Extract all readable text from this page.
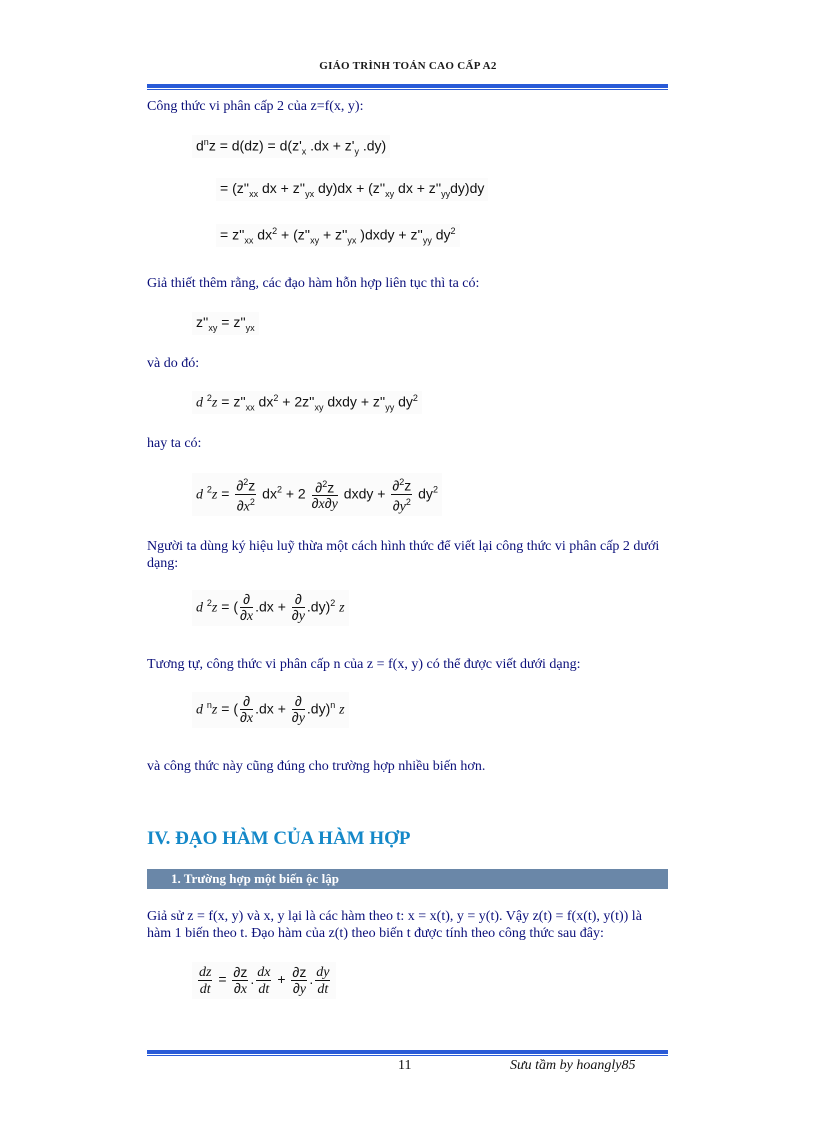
GIÁO TRÌNH TOÁN CAO CẤP A2
Công thức vi phân cấp 2 của z=f(x, y):
$d^nz = d(dz) = d(z'_x$ $.dx + z'_y$ .dy)
= ($z''_{xx}$ dx + $z''_{yx}$ $dy)dx + (z''_{xy}$ dx + $z''_{yy}dy)dy$
= $z''_{xx}$ $dx^2 + (z''_{xy} + z''_{yx}$ )dxdy + $z''_{yy}$ $dy^2$
Giả thiết thêm rằng, các đạo hàm hỗn hợp liên tục thì ta có:
$z''_{xy} = z''_{yx}$
và do đó:
d $^2z = z''_{xx}$ $dx^2 + 2z''_{xy}$ dxdy + $z''_{yy}$ $dy^2$
hay ta có:
d $^2z = \frac{\partial^2z}{\partial x^2} dx^2 + 2 \frac{\partial^2z}{\partial x\partial y}$ dxdy + $\frac{\partial^2z}{\partial y^2} dy^2$
Người ta dùng ký hiệu luỹ thừa một cách hình thức để viết lại công thức vi phân cấp 2 dưới dạng:
d $^2$z = ( $\frac{\partial}{\partial x} .dx + \frac{\partial}{\partial y} .dy)^2$ z
Tương tự, công thức vi phân cấp n của z = f(x, y) có thể được viết dưới dạng:
d $^n$z = ( $\frac{\partial}{\partial x} .dx + \frac{\partial}{\partial y} .dy)^n$ z
và công thức này cũng đúng cho trường hợp nhiều biến hơn.
IV. ĐẠO HÀM CỦA HÀM HỢP
1. Trường hợp một biến ộc lập
Giả sử z = f(x, y) và x, y lại là các hàm theo t: x = x(t), y = y(t). Vậy z(t) = f(x(t), y(t)) là hàm 1 biến theo t. Đạo hàm của z(t) theo biến t được tính theo công thức sau đây:
$\frac{dz}{dt} = \frac{\partial z}{\partial x}$ . $\frac{dx}{dt} + \frac{\partial z}{\partial y}$ . $\frac{dy}{dt}$
11	Sưu tầm by hoangly85
